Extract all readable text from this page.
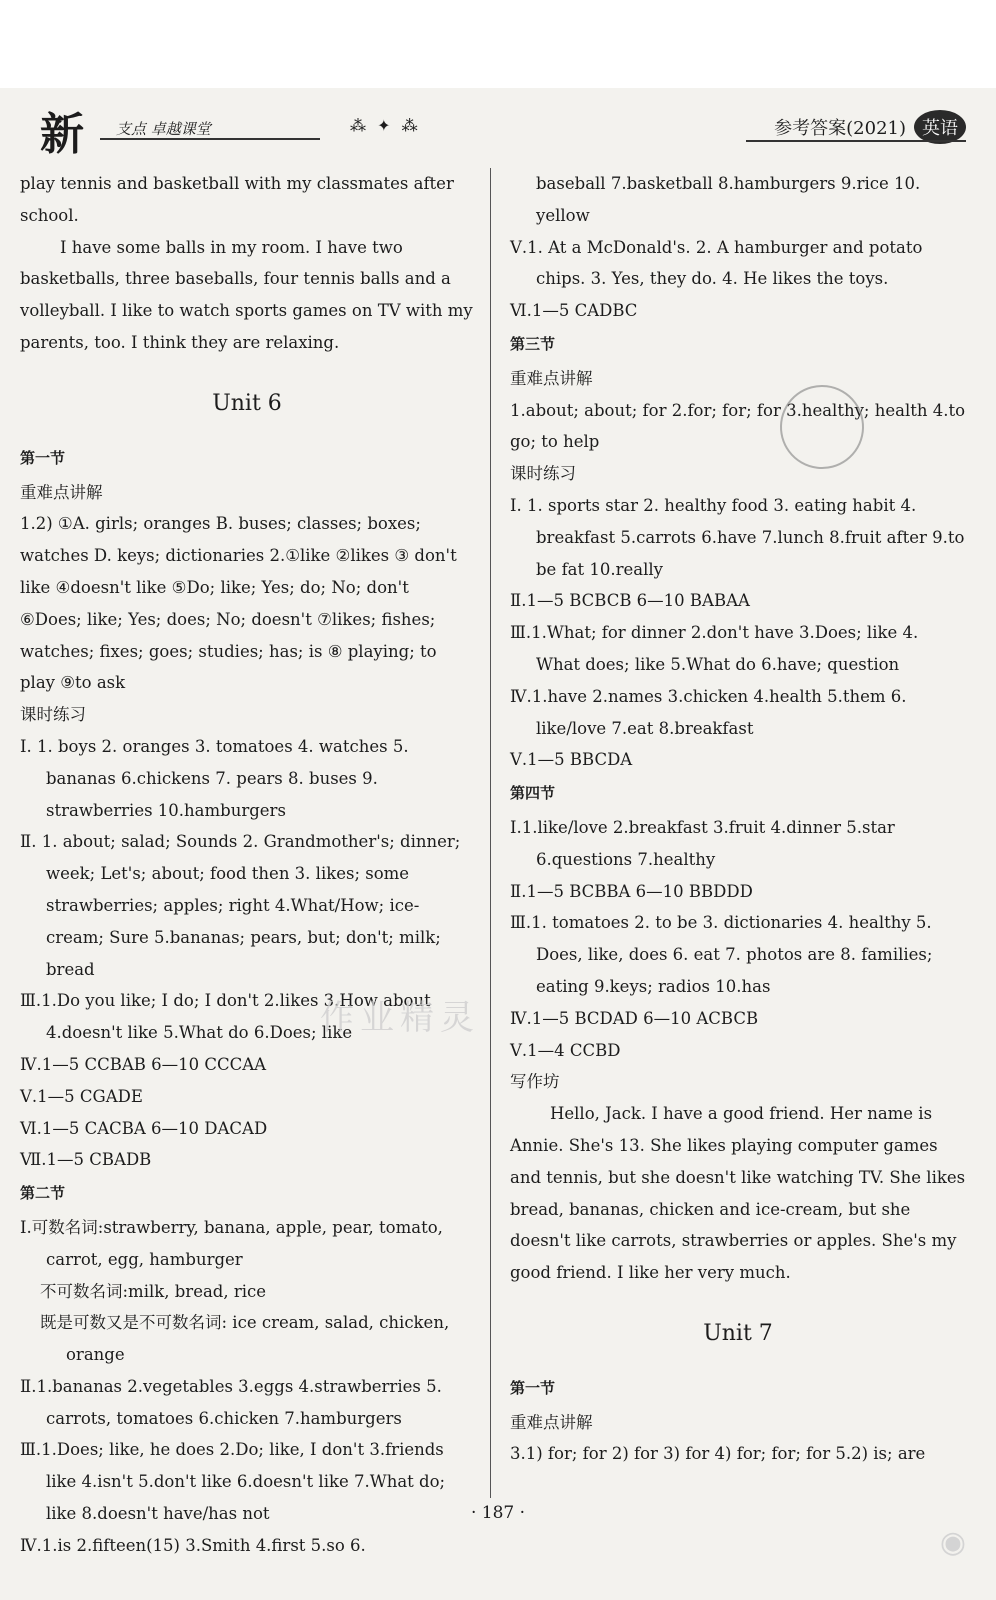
新 支点 卓越课堂	⁂ ✦ ⁂	参考答案(2021) 英语

play tennis and basketball with my classmates after school.

I have some balls in my room. I have two basketballs, three baseballs, four tennis balls and a volleyball. I like to watch sports games on TV with my parents, too. I think they are relaxing.

Unit 6
第一节
重难点讲解

1.2) ①A. girls; oranges B. buses; classes; boxes; watches D. keys; dictionaries 2.①like ②likes ③ don't like ④doesn't like ⑤Do; like; Yes; do; No; don't ⑥Does; like; Yes; does; No; doesn't ⑦likes; fishes; watches; fixes; goes; studies; has; is ⑧ playing; to play ⑨to ask

课时练习

Ⅰ. 1. boys 2. oranges 3. tomatoes 4. watches 5. bananas 6.chickens 7. pears 8. buses 9. strawberries 10.hamburgers

Ⅱ. 1. about; salad; Sounds 2. Grandmother's; dinner; week; Let's; about; food then 3. likes; some strawberries; apples; right 4.What/How; ice-cream; Sure 5.bananas; pears, but; don't; milk; bread

Ⅲ.1.Do you like; I do; I don't 2.likes 3.How about 4.doesn't like 5.What do 6.Does; like

Ⅳ.1—5 CCBAB 6—10 CCCAA

Ⅴ.1—5 CGADE

Ⅵ.1—5 CACBA 6—10 DACAD

Ⅶ.1—5 CBADB

第二节

Ⅰ.可数名词:strawberry, banana, apple, pear, tomato, carrot, egg, hamburger

不可数名词:milk, bread, rice

既是可数又是不可数名词: ice cream, salad, chicken, orange

Ⅱ.1.bananas 2.vegetables 3.eggs 4.strawberries 5. carrots, tomatoes 6.chicken 7.hamburgers

Ⅲ.1.Does; like, he does 2.Do; like, I don't 3.friends like 4.isn't 5.don't like 6.doesn't like 7.What do; like 8.doesn't have/has not

Ⅳ.1.is 2.fifteen(15) 3.Smith 4.first 5.so 6.

baseball 7.basketball 8.hamburgers 9.rice 10. yellow

Ⅴ.1. At a McDonald's. 2. A hamburger and potato chips. 3. Yes, they do. 4. He likes the toys.

Ⅵ.1—5 CADBC

第三节
重难点讲解

1.about; about; for 2.for; for; for 3.healthy; health 4.to go; to help

课时练习

Ⅰ. 1. sports star 2. healthy food 3. eating habit 4. breakfast 5.carrots 6.have 7.lunch 8.fruit after 9.to be fat 10.really

Ⅱ.1—5 BCBCB 6—10 BABAA

Ⅲ.1.What; for dinner 2.don't have 3.Does; like 4. What does; like 5.What do 6.have; question

Ⅳ.1.have 2.names 3.chicken 4.health 5.them 6. like/love 7.eat 8.breakfast

Ⅴ.1—5 BBCDA

第四节

Ⅰ.1.like/love 2.breakfast 3.fruit 4.dinner 5.star 6.questions 7.healthy

Ⅱ.1—5 BCBBA 6—10 BBDDD

Ⅲ.1. tomatoes 2. to be 3. dictionaries 4. healthy 5. Does, like, does 6. eat 7. photos are 8. families; eating 9.keys; radios 10.has

Ⅳ.1—5 BCDAD 6—10 ACBCB

Ⅴ.1—4 CCBD

写作坊

Hello, Jack. I have a good friend. Her name is Annie. She's 13. She likes playing computer games and tennis, but she doesn't like watching TV. She likes bread, bananas, chicken and ice-cream, but she doesn't like carrots, strawberries or apples. She's my good friend. I like her very much.

Unit 7
第一节
重难点讲解

3.1) for; for 2) for 3) for 4) for; for; for 5.2) is; are

作业精灵
◉
· 187 ·
